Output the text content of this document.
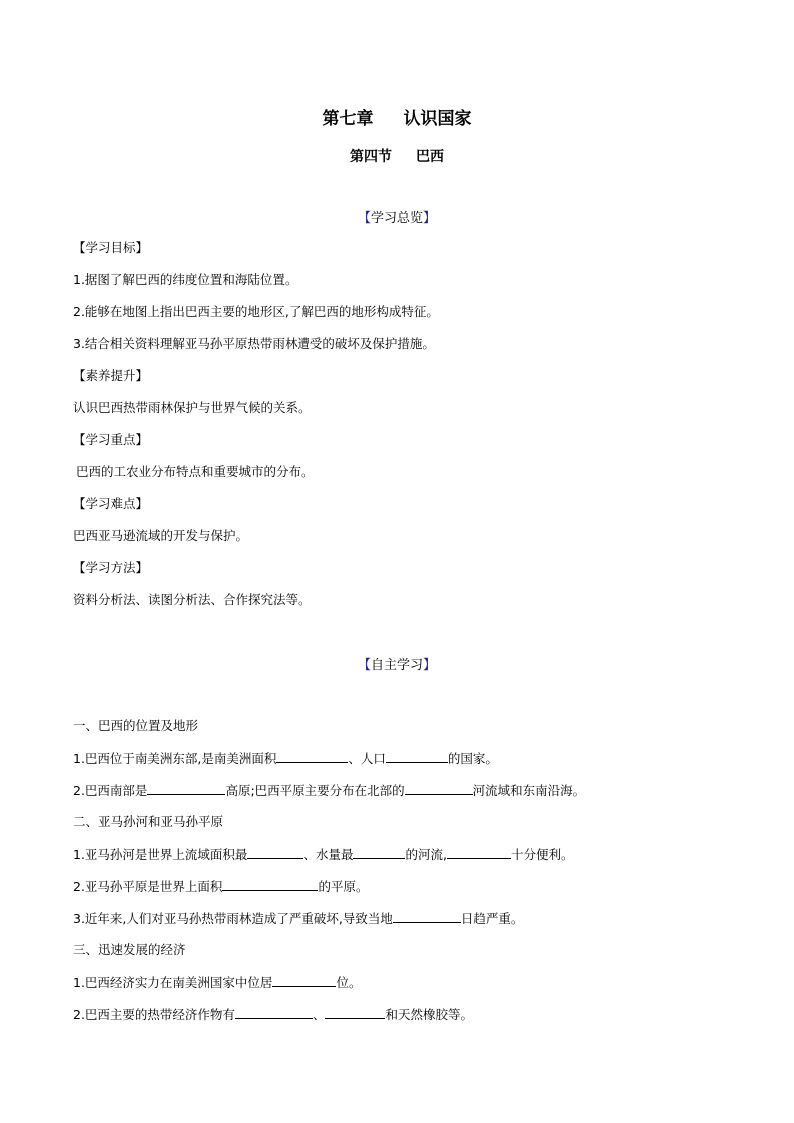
第七章 认识国家
第四节 巴西
【学习总览】
【学习目标】
1.据图了解巴西的纬度位置和海陆位置。
2.能够在地图上指出巴西主要的地形区,了解巴西的地形构成特征。
3.结合相关资料理解亚马孙平原热带雨林遭受的破坏及保护措施。
【素养提升】
认识巴西热带雨林保护与世界气候的关系。
【学习重点】
巴西的工农业分布特点和重要城市的分布。
【学习难点】
巴西亚马逊流域的开发与保护。
【学习方法】
资料分析法、读图分析法、合作探究法等。
【自主学习】
一、巴西的位置及地形
1.巴西位于南美洲东部,是南美洲面积	、人口	的国家。
2.巴西南部是	高原;巴西平原主要分布在北部的	河流域和东南沿海。
二、亚马孙河和亚马孙平原
1.亚马孙河是世界上流域面积最	、水量最	的河流,	十分便利。
2.亚马孙平原是世界上面积	的平原。
3.近年来,人们对亚马孙热带雨林造成了严重破坏,导致当地	日趋严重。
三、迅速发展的经济
1.巴西经济实力在南美洲国家中位居	位。
2.巴西主要的热带经济作物有	、	和天然橡胶等。
